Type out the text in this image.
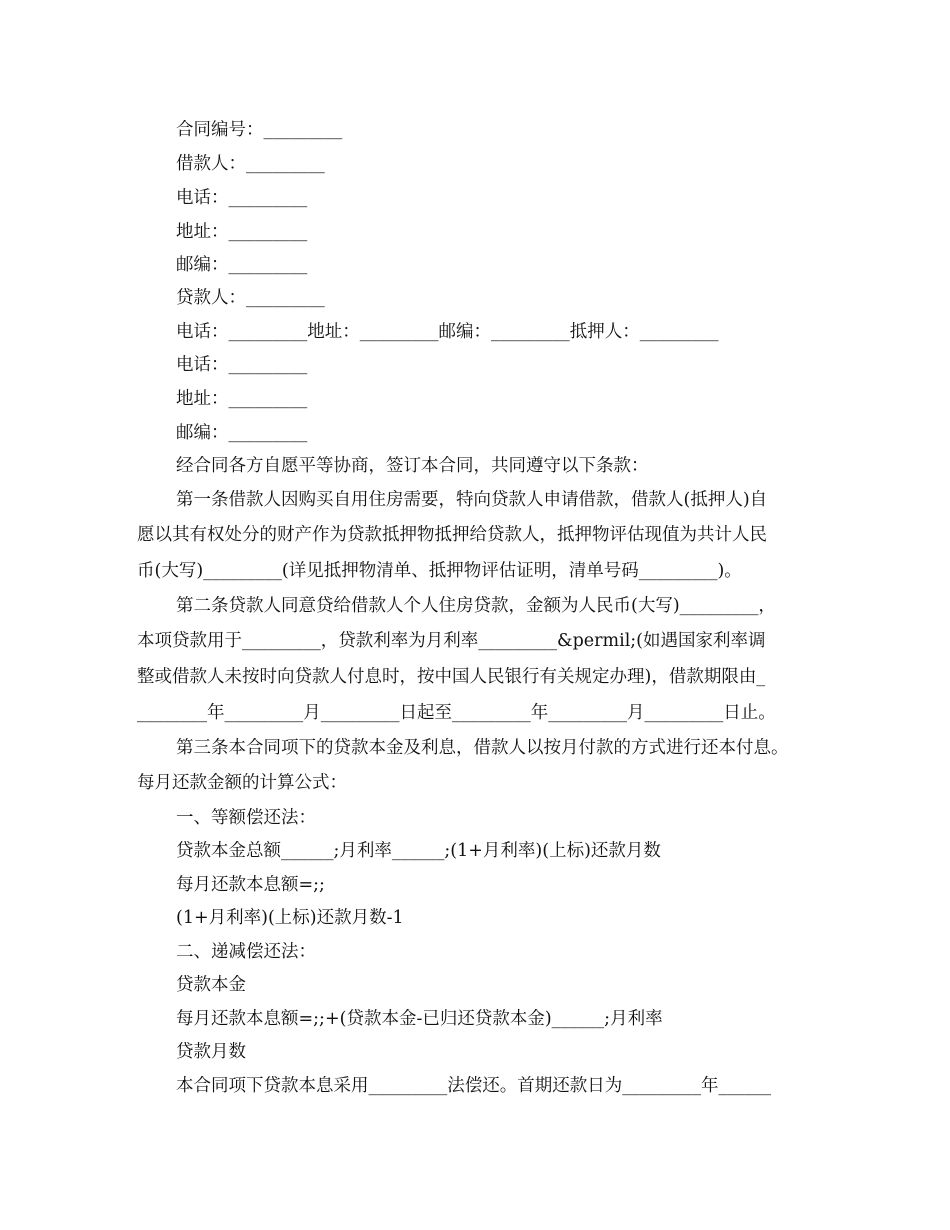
合同编号：_________
借款人：_________
电话：_________
地址：_________
邮编：_________
贷款人：_________
电话：_________地址：_________邮编：_________抵押人：_________
电话：_________
地址：_________
邮编：_________
经合同各方自愿平等协商，签订本合同，共同遵守以下条款：
第一条借款人因购买自用住房需要，特向贷款人申请借款，借款人(抵押人)自
愿以其有权处分的财产作为贷款抵押物抵押给贷款人，抵押物评估现值为共计人民
币(大写)_________(详见抵押物清单、抵押物评估证明，清单号码_________)。
第二条贷款人同意贷给借款人个人住房贷款，金额为人民币(大写)_________，
本项贷款用于_________，贷款利率为月利率_________&permil;(如遇国家利率调
整或借款人未按时向贷款人付息时，按中国人民银行有关规定办理)，借款期限由_
________年_________月_________日起至_________年_________月_________日止。
第三条本合同项下的贷款本金及利息，借款人以按月付款的方式进行还本付息。
每月还款金额的计算公式：
一、等额偿还法：
贷款本金总额______;月利率______;(1+月利率)(上标)还款月数
每月还款本息额=;;
(1+月利率)(上标)还款月数-1
二、递减偿还法：
贷款本金
每月还款本息额=;;+(贷款本金-已归还贷款本金)______;月利率
贷款月数
本合同项下贷款本息采用_________法偿还。首期还款日为_________年______
